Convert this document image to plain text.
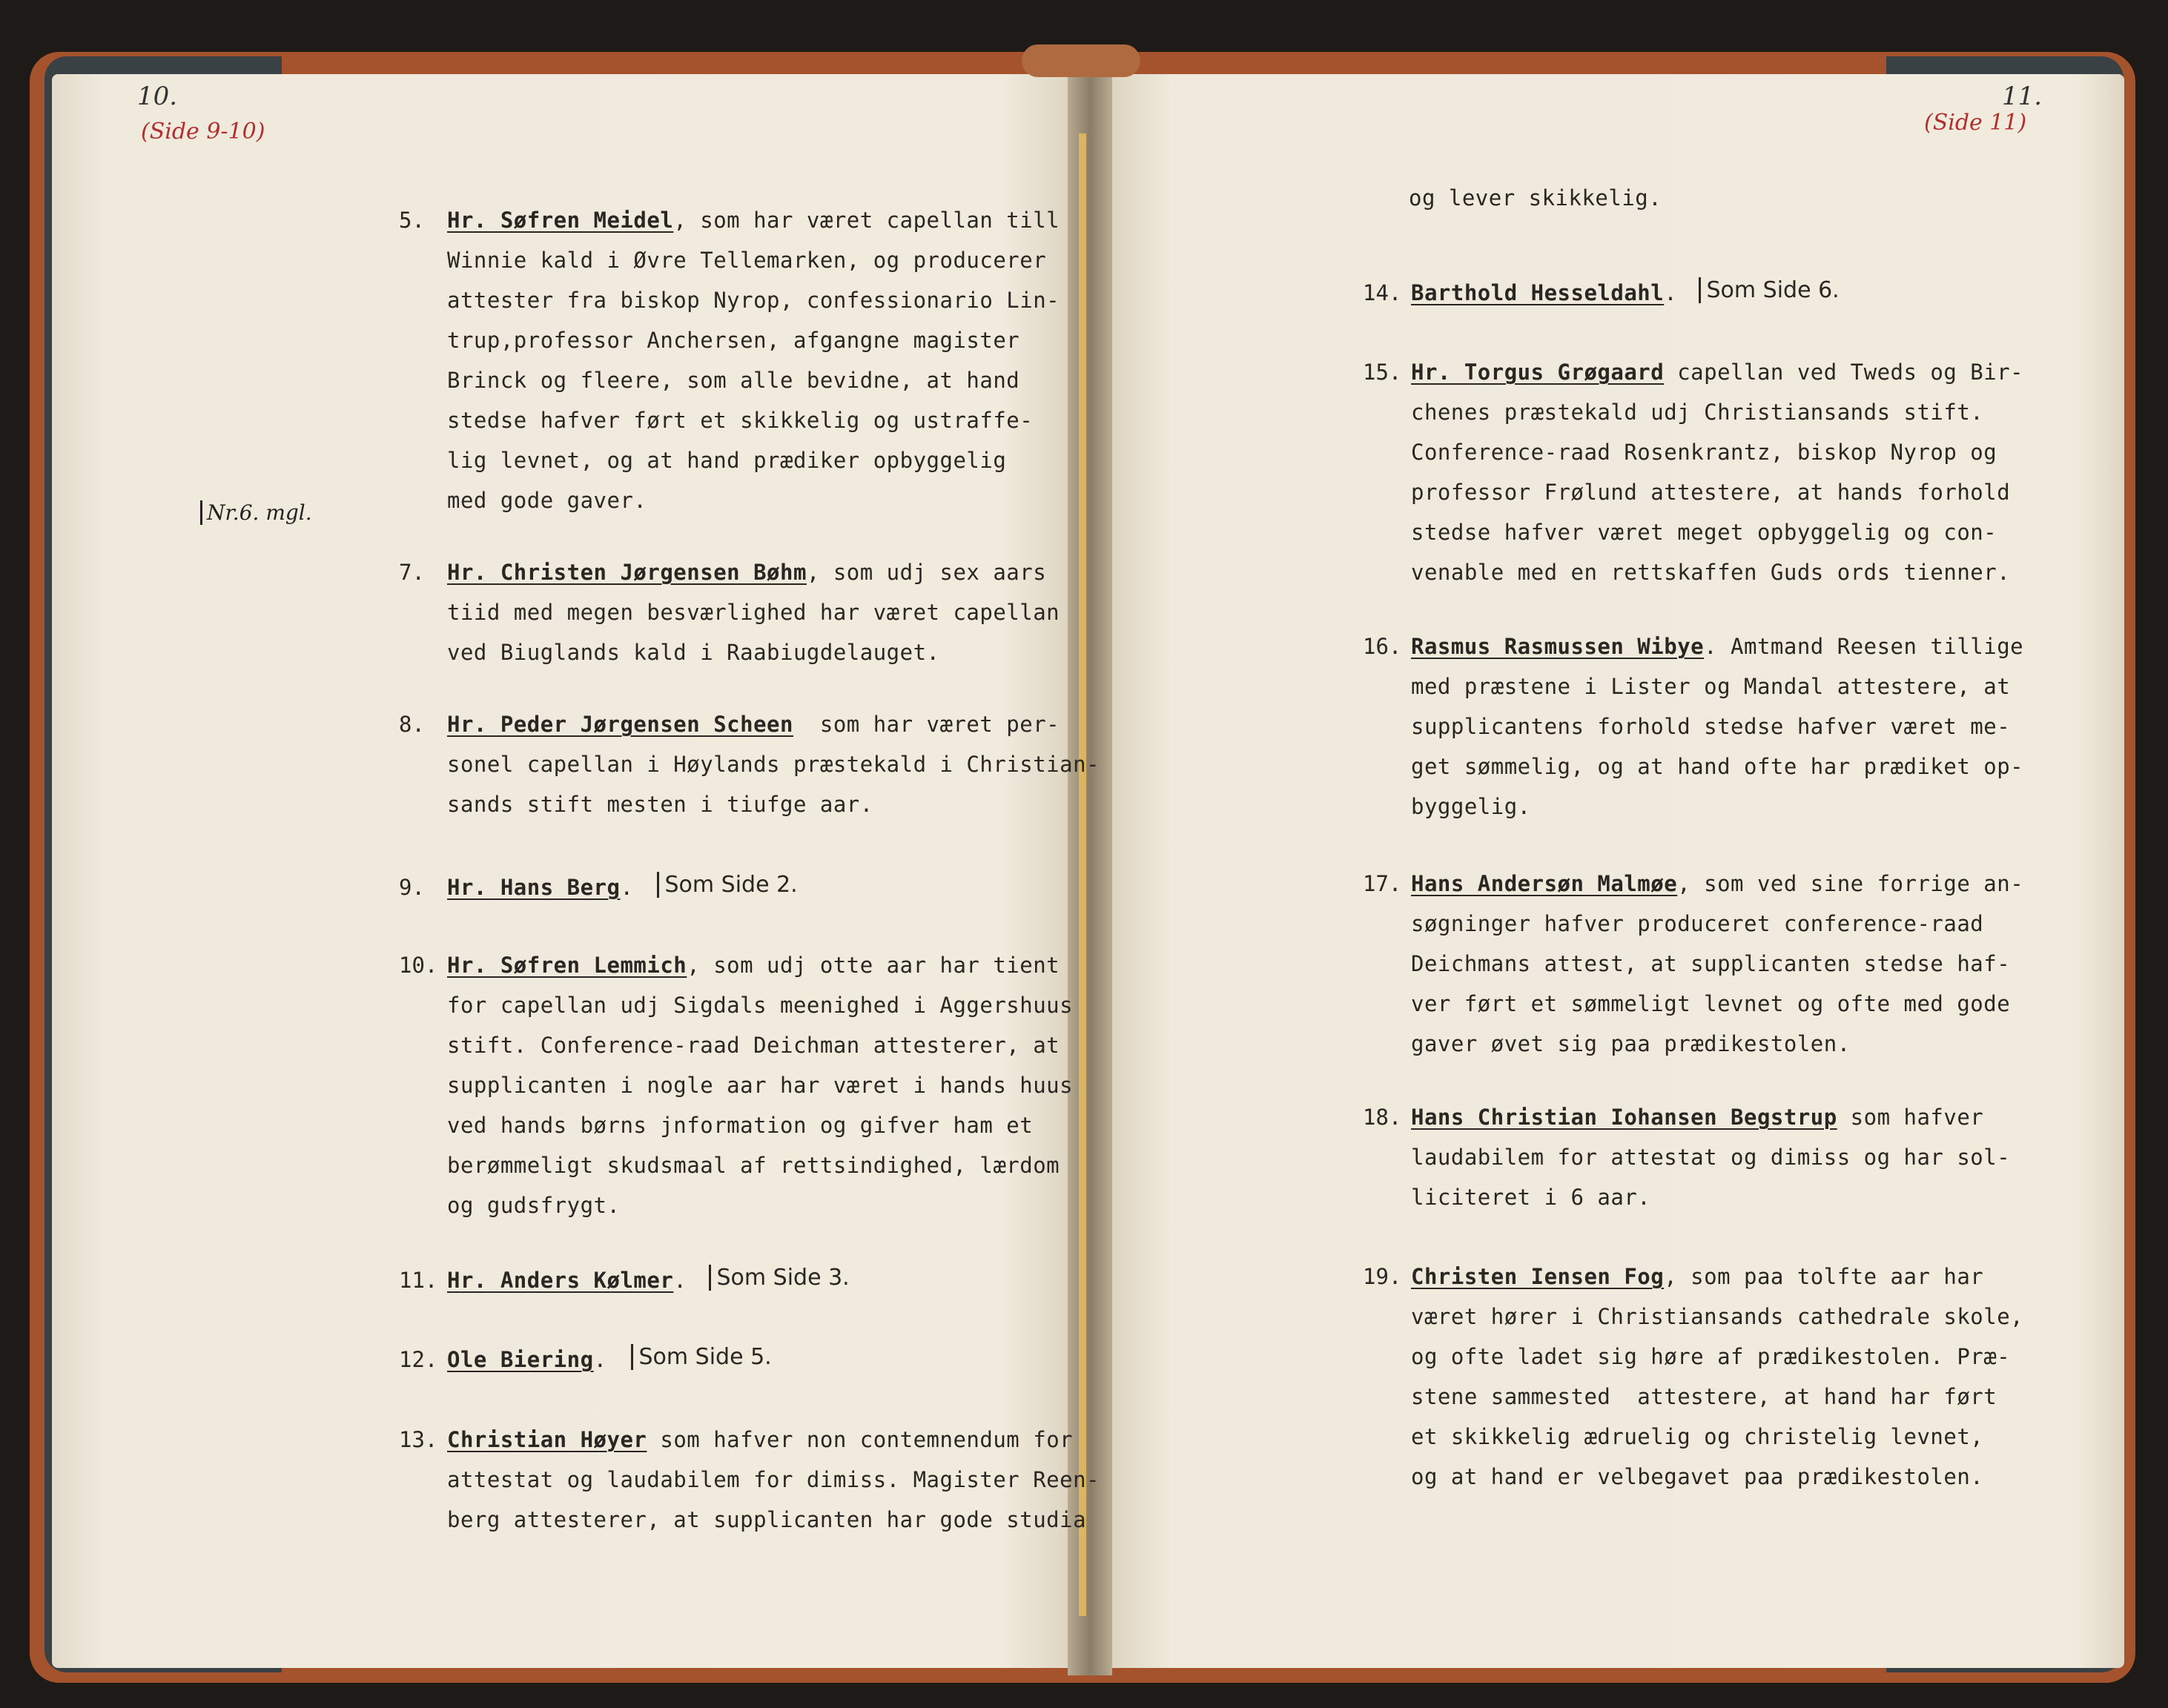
10.
(Side 9-10)
Nr.6. mgl.
11.
(Side 11)
5. Hr. Søfren Meidel, som har været capellan till
Winnie kald i Øvre Tellemarken, og producerer
attester fra biskop Nyrop, confessionario Lin-
trup,professor Anchersen, afgangne magister
Brinck og fleere, som alle bevidne, at hand
stedse hafver ført et skikkelig og ustraffe-
lig levnet, og at hand prædiker opbyggelig
med gode gaver.
7. Hr. Christen Jørgensen Bøhm, som udj sex aars
tiid med megen besværlighed har været capellan
ved Biuglands kald i Raabiugdelauget.
8. Hr. Peder Jørgensen Scheen  som har været per-
sonel capellan i Høylands præstekald i Christian-
sands stift mesten i tiufge aar.
9. Hr. Hans Berg.	Som Side 2.
10. Hr. Søfren Lemmich, som udj otte aar har tient
for capellan udj Sigdals meenighed i Aggershuus
stift. Conference-raad Deichman attesterer, at
supplicanten i nogle aar har været i hands huus
ved hands børns jnformation og gifver ham et
berømmeligt skudsmaal af rettsindighed, lærdom
og gudsfrygt.
11. Hr. Anders Kølmer.	Som Side 3.
12. Ole Biering.	Som Side 5.
13. Christian Høyer som hafver non contemnendum for
attestat og laudabilem for dimiss. Magister Reen-
berg attesterer, at supplicanten har gode studia
14. Barthold Hesseldahl.	Som Side 6.
15. Hr. Torgus Grøgaard capellan ved Tweds og Bir-
chenes præstekald udj Christiansands stift.
Conference-raad Rosenkrantz, biskop Nyrop og
professor Frølund attestere, at hands forhold
stedse hafver været meget opbyggelig og con-
venable med en rettskaffen Guds ords tienner.
16. Rasmus Rasmussen Wibye. Amtmand Reesen tillige
med præstene i Lister og Mandal attestere, at
supplicantens forhold stedse hafver været me-
get sømmelig, og at hand ofte har prædiket op-
byggelig.
17. Hans Andersøn Malmøe, som ved sine forrige an-
søgninger hafver produceret conference-raad
Deichmans attest, at supplicanten stedse haf-
ver ført et sømmeligt levnet og ofte med gode
gaver øvet sig paa prædikestolen.
18. Hans Christian Iohansen Begstrup som hafver
laudabilem for attestat og dimiss og har sol-
liciteret i 6 aar.
19. Christen Iensen Fog, som paa tolfte aar har
været hører i Christiansands cathedrale skole,
og ofte ladet sig høre af prædikestolen. Præ-
stene sammested  attestere, at hand har ført
et skikkelig ædruelig og christelig levnet,
og at hand er velbegavet paa prædikestolen.
og lever skikkelig.
